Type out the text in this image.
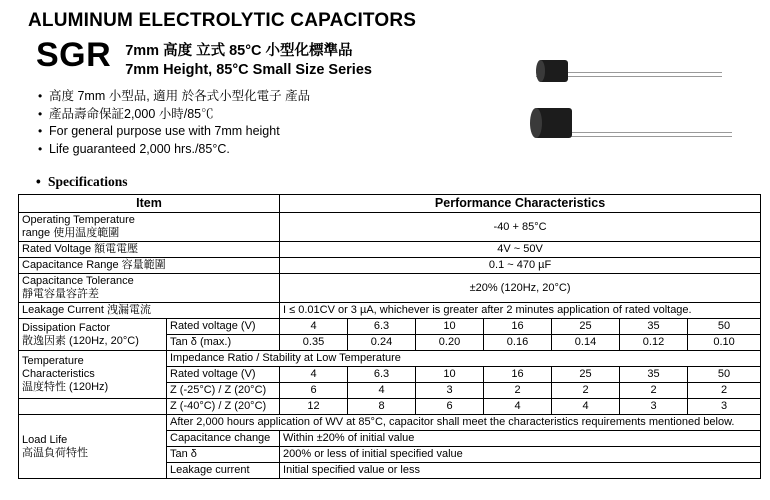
ALUMINUM ELECTROLYTIC CAPACITORS
SGR 7mm 高度 立式 85°C 小型化標準品
7mm Height, 85°C Small Size Series
• 高度 7mm 小型品, 適用 於各式小型化電子 產品
• 產品壽命保証2,000 小時/85℃
• For general purpose use with 7mm height
• Life guaranteed 2,000 hrs./85°C.
• Specifications
Item		Performance Characteristics						

Operating Temperature
range 使用温度範圍		-40 + 85°C						
Rated Voltage 額電電壓		4V ~ 50V						
Capacitance Range 容量範圍		0.1 ~ 470 µF						

Capacitance Tolerance
靜電容量容許差		±20% (120Hz, 20°C)						
Leakage Current 洩漏電流		I ≤ 0.01CV or 3 µA, whichever is greater after 2 minutes application of rated voltage.						

Dissipation Factor
散逸因素 (120Hz, 20°C)	Rated voltage (V)	4	6.3	10	16	25	35	50
	Tan δ (max.)	0.35	0.24	0.20	0.16	0.14	0.12	0.10

Temperature
Characteristics
温度特性 (120Hz)	Impedance Ratio / Stability at Low Temperature							
	Rated voltage (V)	4	6.3	10	16	25	35	50
	Z (-25°C) / Z (20°C)	6	4	3	2	2	2	2
	Z (-40°C) / Z (20°C)	12	8	6	4	4	3	3

Load Life
高温負荷特性	After 2,000 hours application of WV at 85°C, capacitor shall meet the characteristics requirements mentioned below.							
	Capacitance change	Within ±20% of initial value						
	Tan δ	200% or less of initial specified value						
	Leakage current	Initial specified value or less						
